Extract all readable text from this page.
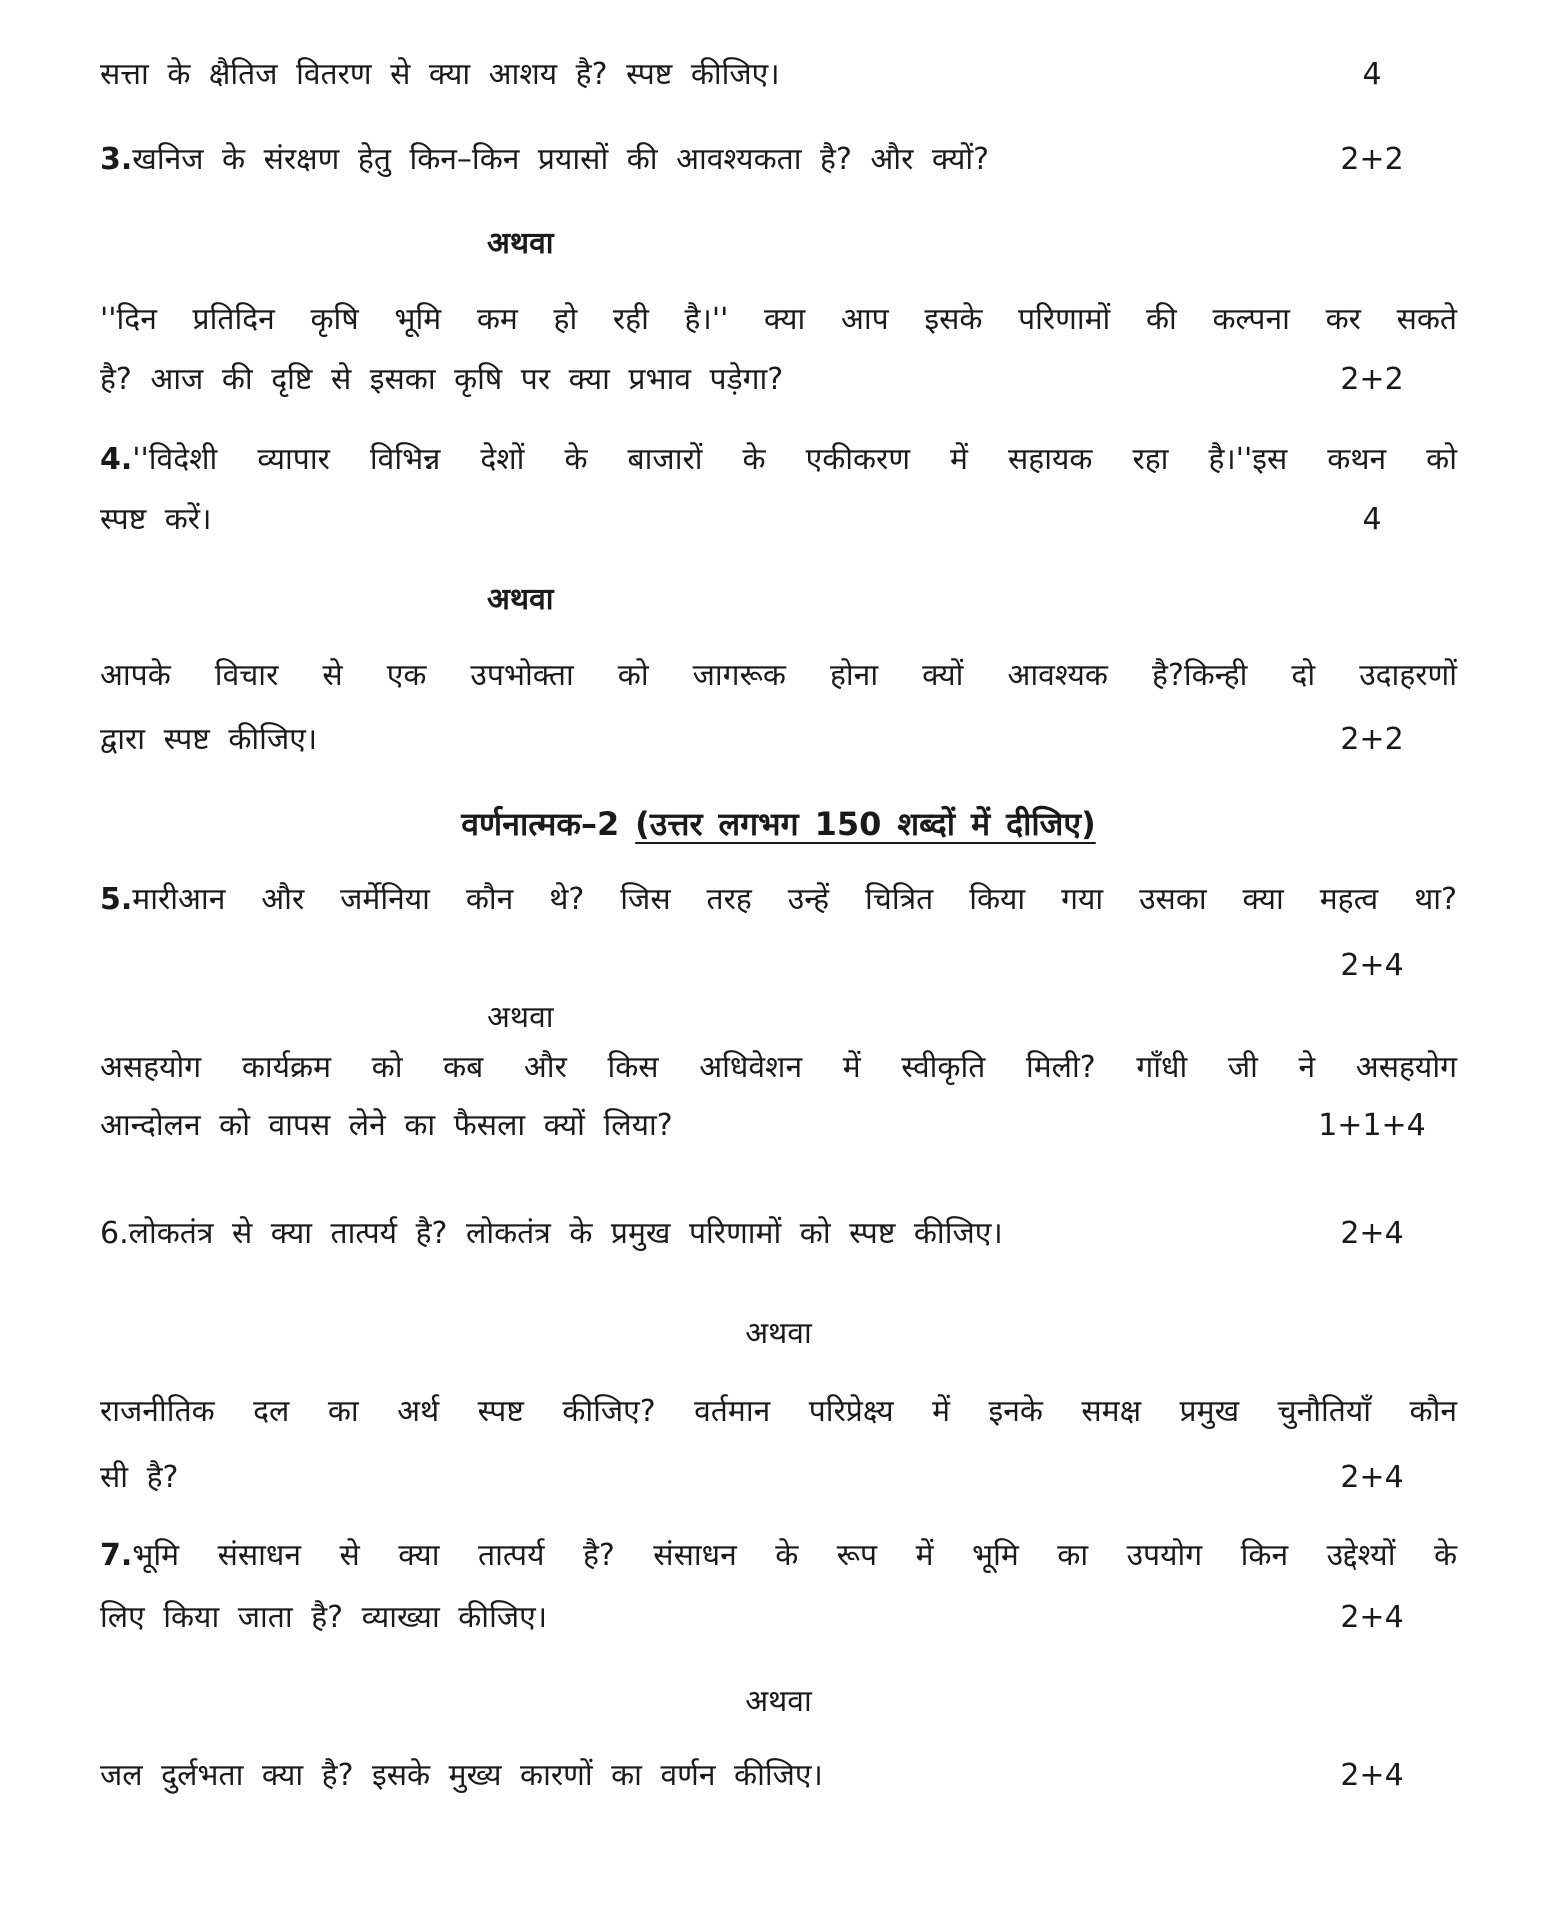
सत्ता के क्षैतिज वितरण से क्या आशय है? स्पष्ट कीजिए।	4
3. खनिज के संरक्षण हेतु किन–किन प्रयासों की आवश्यकता है? और क्यों?	2+2
अथवा
''दिन प्रतिदिन कृषि भूमि कम हो रही है।'' क्या आप इसके परिणामों की कल्पना कर सकते
है? आज की दृष्टि से इसका कृषि पर क्या प्रभाव पड़ेगा?	2+2
4. ''विदेशी व्यापार विभिन्न देशों के बाजारों के एकीकरण में सहायक रहा है।''इस कथन को
स्पष्ट करें।	4
अथवा
आपके विचार से एक उपभोक्ता को जागरूक होना क्यों आवश्यक है?किन्ही दो उदाहरणों
द्वारा स्पष्ट कीजिए।	2+2
वर्णनात्मक–2 (उत्तर लगभग 150 शब्दों में दीजिए)
5. मारीआन और जर्मेनिया कौन थे? जिस तरह उन्हें चित्रित किया गया उसका क्या महत्व था?
2+4
अथवा
असहयोग कार्यक्रम को कब और किस अधिवेशन में स्वीकृति मिली? गाँधी जी ने असहयोग
आन्दोलन को वापस लेने का फैसला क्यों लिया?	1+1+4
6. लोकतंत्र से क्या तात्पर्य है? लोकतंत्र के प्रमुख परिणामों को स्पष्ट कीजिए।	2+4
अथवा
राजनीतिक दल का अर्थ स्पष्ट कीजिए? वर्तमान परिप्रेक्ष्य में इनके समक्ष प्रमुख चुनौतियाँ कौन
सी है?	2+4
7. भूमि संसाधन से क्या तात्पर्य है? संसाधन के रूप में भूमि का उपयोग किन उद्देश्यों के
लिए किया जाता है? व्याख्या कीजिए।	2+4
अथवा
जल दुर्लभता क्या है? इसके मुख्य कारणों का वर्णन कीजिए।	2+4
